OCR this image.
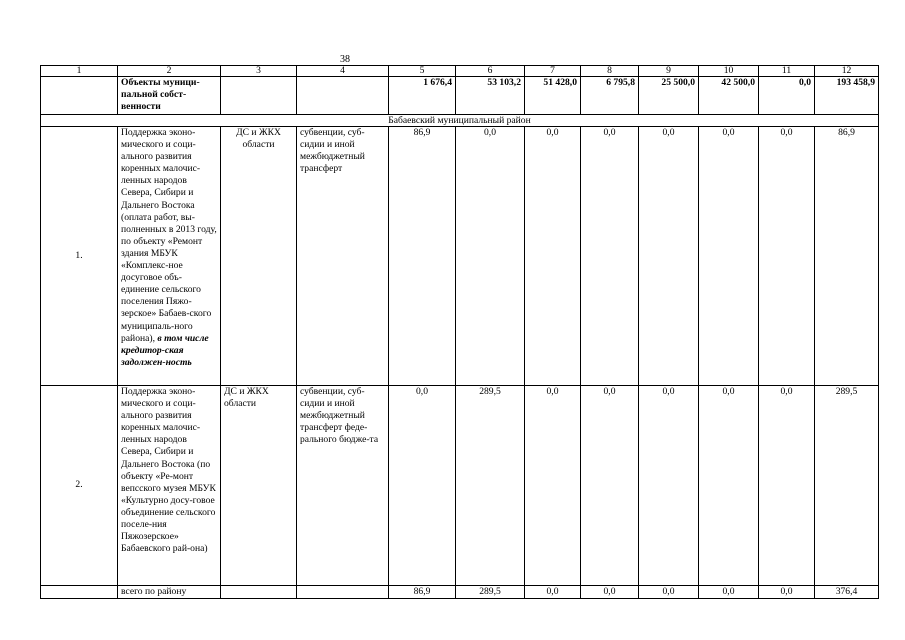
38
1	2	3	4	5	6	7	8	9	10	11	12
	Объекты муници-пальной собст-венности			1 676,4	53 103,2	51 428,0	6 795,8	25 500,0	42 500,0	0,0	193 458,9
Бабаевский муниципальный район											
1.	Поддержка эконо-мического и соци-ального развития коренных малочис-ленных народов Севера, Сибири и Дальнего Востока (оплата работ, вы-полненных в 2013 году, по объекту «Ремонт здания МБУК «Комплекс-ное досуговое объ-единение сельского поселения Пяжо-зерское» Бабаев-ского муниципаль-ного района), в том числе кредитор-ская задолжен-ность	ДС и ЖКХ области	субвенции, суб-сидии и иной межбюджетный трансферт	86,9	0,0	0,0	0,0	0,0	0,0	0,0	86,9
2.	Поддержка эконо-мического и соци-ального развития коренных малочис-ленных народов Севера, Сибири и Дальнего Востока (по объекту «Ре-монт вепсского музея МБУК «Культурно досу-говое объединение сельского поселе-ния Пяжозерское» Бабаевского рай-она)	ДС и ЖКХ области	субвенции, суб-сидии и иной межбюджетный трансферт феде-рального бюдже-та	0,0	289,5	0,0	0,0	0,0	0,0	0,0	289,5
	всего по району			86,9	289,5	0,0	0,0	0,0	0,0	0,0	376,4
